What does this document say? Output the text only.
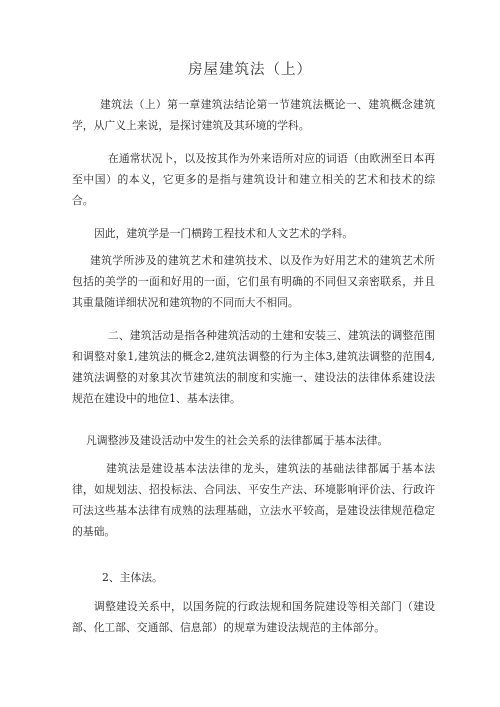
房屋建筑法（上）

建筑法（上）第一章建筑法结论第一节建筑法概论一、建筑概念建筑学，从广义上来说，是探讨建筑及其环境的学科。

在通常状况卜，以及按其作为外来语所对应的词语（由欧洲至日本再至中国）的本义，它更多的是指与建筑设计和建立相关的艺术和技术的综合。

因此，建筑学是一门横跨工程技术和人文艺术的学科。

建筑学所涉及的建筑艺术和建筑技术、以及作为好用艺术的建筑艺术所包括的美学的一面和好用的一面，它们虽有明确的不同但又亲密联系，并且其重量随详细状况和建筑物的不同而大不相同。

二、建筑活动是指各种建筑活动的土建和安装三、建筑法的调整范围和调整对象1,建筑法的概念2,建筑法调整的行为主体3,建筑法调整的范围4,建筑法调整的对象其次节建筑法的制度和实施一、建设法的法律体系建设法规范在建设中的地位1、基本法律。

凡调整涉及建设活动中发生的社会关系的法律都属于基本法律。

建筑法是建设基本法法律的龙头，建筑法的基础法律都属于基本法律，如规划法、招投标法、合同法、平安生产法、环境影响评价法、行政许可法这些基本法律有成熟的法理基础，立法水平较高，是建设法律规范稳定的基础。

2、主体法。

调整建设关系中，以国务院的行政法规和国务院建设等相关部门（建设部、化工部、交通部、信息部）的规章为建设法规范的主体部分。
